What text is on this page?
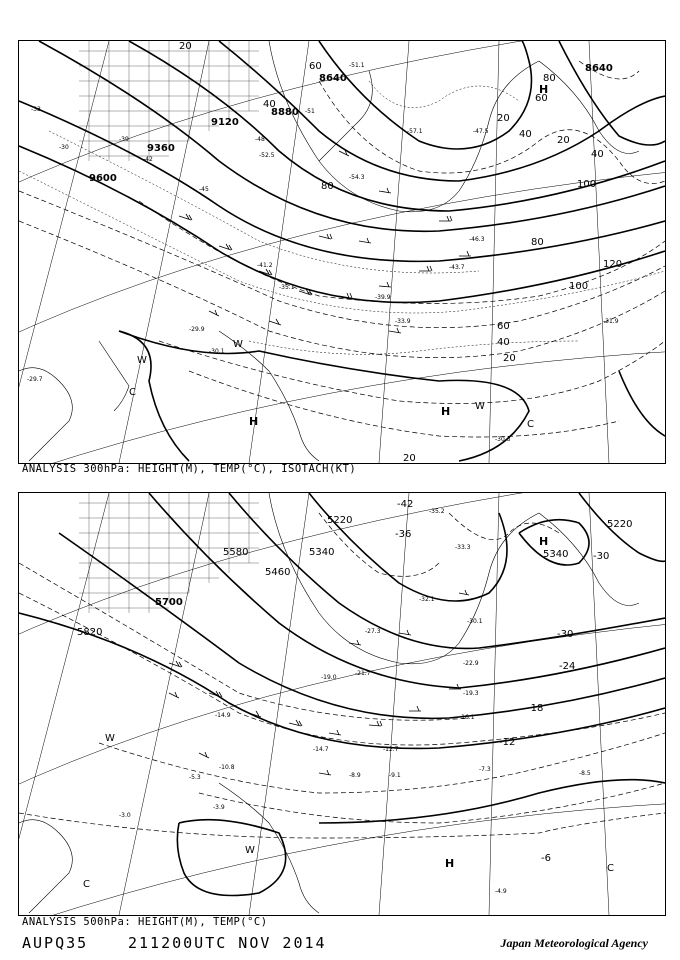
9600
9360
9120
8880
8640
8640
20
40
60
80	100
120
100
80
60
40
20
20
40
60
80
40
20
20
-33
-30
-39
-42
-45
-48
-51
-54.3
-57.1
-52.5
-51.1
-47.5
-46.3
-43.7
-41.2
-39.9
-35.1
-33.9	-31.9
-30.1
-29.7
-29.9
-30.3
H
H
H
W
W
W
C
C
ANALYSIS 300hPa: HEIGHT(M), TEMP(°C), ISOTACH(KT)
5820
5700
5580
5460
5340
5220	5220
5340
-42
-36
-30
-24
-18
-12
-6
-30
-35.2
-33.3
-32.1
-30.1
-27.3
-22.9
-19.3
-16.1
-12.7
-14.9
-10.8	-7.3
-8.5
-9.1
-5.3
-3.9
-4.9
-3.0
-8.9
-14.7
-19.0
-21.7
H
H
W
W
C
C
ANALYSIS 500hPa: HEIGHT(M), TEMP(°C)
AUPQ35	211200UTC NOV 2014	Japan Meteorological Agency
